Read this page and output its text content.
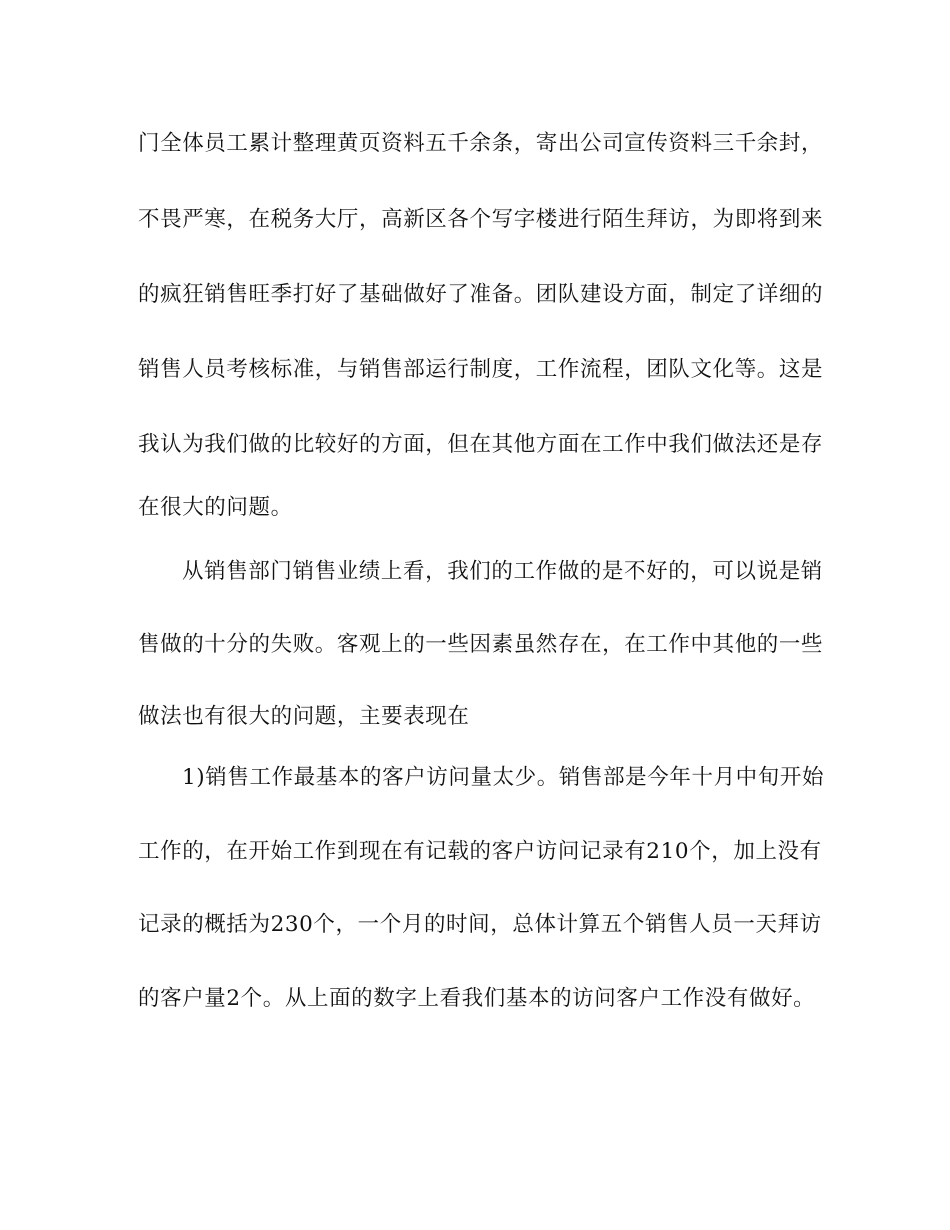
门全体员工累计整理黄页资料五千余条，寄出公司宣传资料三千余封，
不畏严寒，在税务大厅，高新区各个写字楼进行陌生拜访，为即将到来
的疯狂销售旺季打好了基础做好了准备。团队建设方面，制定了详细的
销售人员考核标准，与销售部运行制度，工作流程，团队文化等。这是
我认为我们做的比较好的方面，但在其他方面在工作中我们做法还是存
在很大的问题。
从销售部门销售业绩上看，我们的工作做的是不好的，可以说是销
售做的十分的失败。客观上的一些因素虽然存在，在工作中其他的一些
做法也有很大的问题，主要表现在
1)销售工作最基本的客户访问量太少。销售部是今年十月中旬开始
工作的，在开始工作到现在有记载的客户访问记录有210个，加上没有
记录的概括为230个，一个月的时间，总体计算五个销售人员一天拜访
的客户量2个。从上面的数字上看我们基本的访问客户工作没有做好。
